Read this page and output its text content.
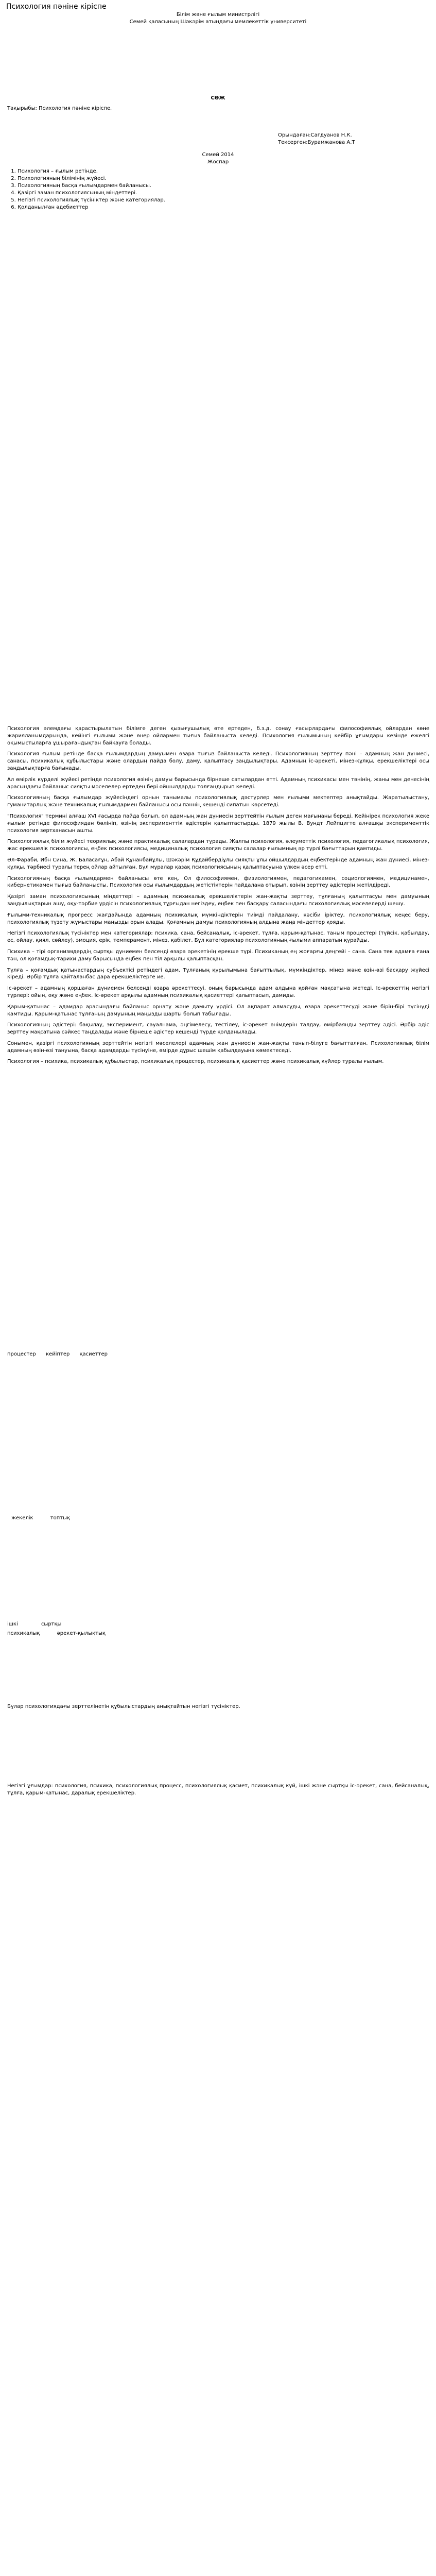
Психология пәніне кіріспе
Білім және ғылым министрлігі
Семей қаласының Шәкәрім атындағы мемлекеттік университеті
СӨЖ
Тақырыбы: Психология пәніне кіріспе.
Орындаған:Сагдуанов Н.К.
Тексерген:Бурамжанова А.Т
Семей 2014
Жоспар
1. Психология – ғылым ретінде.
2. Психологияның білімінің жүйесі.
3. Психологияның басқа ғылымдармен байланысы.
4. Қазіргі заман психологиясының міндеттері.
5. Негізгі психологиялық түсініктер және категориялар.
6. Қолданылған әдебиеттер

Психология әлемдағы қарастырылатын білімге деген қызығушылық өте ертеден, б.з.д. сонау ғасырлардағы философиялық ойлардан көне жарияланымдарында, кейінгі ғылыми және өнер ойлармен тығыз байланыста келеді. Психология ғылымының кейбір ұғымдары кезінде ежелгі оқымыстыларға ұшырағандықтан байқауға болады.

Психология ғылым ретінде басқа ғылымдардың дамуымен өзара тығыз байланыста келеді. Психологияның зерттеу пәні – адамның жан дүниесі, санасы, психикалық құбылыстары және олардың пайда болу, даму, қалыптасу заңдылықтары. Адамның іс-әрекеті, мінез-құлқы, ерекшеліктері осы заңдылықтарға бағынады.

Ал өмірлік күрделі жүйесі ретінде психология өзінің дамуы барысында бірнеше сатылардан өтті. Адамның психикасы мен тәнінің, жаны мен денесінің арасындағы байланыс сияқты мәселелер ертеден бері ойшылдарды толғандырып келеді.

Психологияның басқа ғылымдар жүйесіндегі орнын танымалы психологиялық дәстүрлер мен ғылыми мектептер анықтайды. Жаратылыстану, гуманитарлық және техникалық ғылымдармен байланысы осы пәннің кешенді сипатын көрсетеді.

"Психология" термині алғаш XVI ғасырда пайда болып, ол адамның жан дүниесін зерттейтін ғылым деген мағынаны береді. Кейінірек психология жеке ғылым ретінде философиядан бөлініп, өзінің эксперименттік әдістерін қалыптастырды. 1879 жылы В. Вундт Лейпцигте алғашқы эксперименттік психология зертханасын ашты.

Психологиялық білім жүйесі теориялық және практикалық салалардан тұрады. Жалпы психология, әлеуметтік психология, педагогикалық психология, жас ерекшелік психологиясы, еңбек психологиясы, медициналық психология сияқты салалар ғылымның әр түрлі бағыттарын қамтиды.

Әл-Фараби, Ибн Сина, Ж. Баласағұн, Абай Құнанбайұлы, Шәкәрім Құдайбердіұлы сияқты ұлы ойшылдардың еңбектерінде адамның жан дүниесі, мінез-құлқы, тәрбиесі туралы терең ойлар айтылған. Бұл мұралар қазақ психологиясының қалыптасуына үлкен әсер етті.

Психологияның басқа ғылымдармен байланысы өте кең. Ол философиямен, физиологиямен, педагогикамен, социологиямен, медицинамен, кибернетикамен тығыз байланысты. Психология осы ғылымдардың жетістіктерін пайдалана отырып, өзінің зерттеу әдістерін жетілдіреді.

Қазіргі заман психологиясының міндеттері – адамның психикалық ерекшеліктерін жан-жақты зерттеу, тұлғаның қалыптасуы мен дамуының заңдылықтарын ашу, оқу-тәрбие үрдісін психологиялық тұрғыдан негіздеу, еңбек пен басқару саласындағы психологиялық мәселелерді шешу.

Ғылыми-техникалық прогресс жағдайында адамның психикалық мүмкіндіктерін тиімді пайдалану, кәсіби іріктеу, психологиялық кеңес беру, психологиялық түзету жұмыстары маңызды орын алады. Қоғамның дамуы психологияның алдына жаңа міндеттер қояды.

Негізгі психологиялық түсініктер мен категориялар: психика, сана, бейсаналық, іс-әрекет, тұлға, қарым-қатынас, таным процестері (түйсік, қабылдау, ес, ойлау, қиял, сөйлеу), эмоция, ерік, темперамент, мінез, қабілет. Бұл категориялар психологияның ғылыми аппаратын құрайды.

Психика – тірі организмдердің сыртқы дүниемен белсенді өзара әрекетінің ерекше түрі. Психиканың ең жоғарғы деңгейі – сана. Сана тек адамға ғана тән, ол қоғамдық-тарихи даму барысында еңбек пен тіл арқылы қалыптасқан.

Тұлға – қоғамдық қатынастардың субъектісі ретіндегі адам. Тұлғаның құрылымына бағыттылық, мүмкіндіктер, мінез және өзін-өзі басқару жүйесі кіреді. Әрбір тұлға қайталанбас дара ерекшеліктерге ие.

Іс-әрекет – адамның қоршаған дүниемен белсенді өзара әрекеттесуі, оның барысында адам алдына қойған мақсатына жетеді. Іс-әрекеттің негізгі түрлері: ойын, оқу және еңбек. Іс-әрекет арқылы адамның психикалық қасиеттері қалыптасып, дамиды.

Қарым-қатынас – адамдар арасындағы байланыс орнату және дамыту үрдісі. Ол ақпарат алмасуды, өзара әрекеттесуді және бірін-бірі түсінуді қамтиды. Қарым-қатынас тұлғаның дамуының маңызды шарты болып табылады.

Психологияның әдістері: бақылау, эксперимент, сауалнама, әңгімелесу, тестілеу, іс-әрекет өнімдерін талдау, өмірбаянды зерттеу әдісі. Әрбір әдіс зерттеу мақсатына сәйкес таңдалады және бірнеше әдістер кешенді түрде қолданылады.

Сонымен, қазіргі психологияның зерттейтін негізгі мәселелері адамның жан дүниесін жан-жақты танып-білуге бағытталған. Психологиялық білім адамның өзін-өзі тануына, басқа адамдарды түсінуіне, өмірде дұрыс шешім қабылдауына көмектеседі.

Психология – психика, психикалық құбылыстар, психикалық процестер, психикалық қасиеттер және психикалық күйлер туралы ғылым.

процестер кейіптер қасиеттер
жекелік	топтық
ішкі	сыртқы
психикалық	әрекет-қылықтық
Бұлар психологиядағы зерттелінетін құбылыстардың анықтайтын негізгі түсініктер.
Негізгі ұғымдар: психология, психика, психологиялық процесс, психологиялық қасиет, психикалық күй, ішкі және сыртқы іс-әрекет, сана, бейсаналық, тұлға, қарым-қатынас, даралық ерекшеліктер.
